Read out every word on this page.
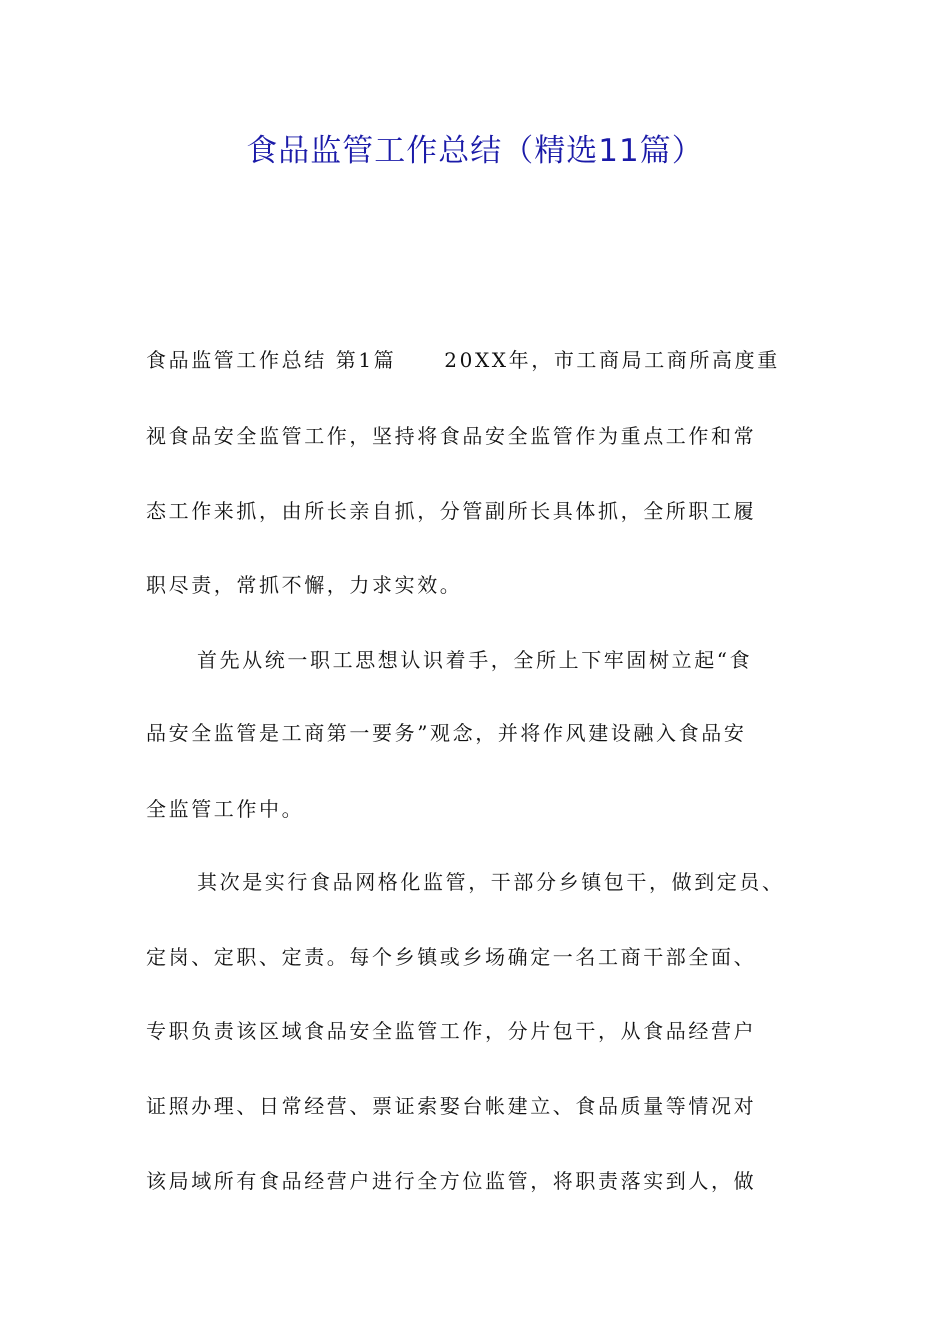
食品监管工作总结（精选11篇）
食品监管工作总结 第1篇 20XX年，市工商局工商所高度重
视食品安全监管工作，坚持将食品安全监管作为重点工作和常
态工作来抓，由所长亲自抓，分管副所长具体抓，全所职工履
职尽责，常抓不懈，力求实效。
首先从统一职工思想认识着手，全所上下牢固树立起“食
品安全监管是工商第一要务”观念，并将作风建设融入食品安
全监管工作中。
其次是实行食品网格化监管，干部分乡镇包干，做到定员、
定岗、定职、定责。每个乡镇或乡场确定一名工商干部全面、
专职负责该区域食品安全监管工作，分片包干，从食品经营户
证照办理、日常经营、票证索娶台帐建立、食品质量等情况对
该局域所有食品经营户进行全方位监管，将职责落实到人，做
